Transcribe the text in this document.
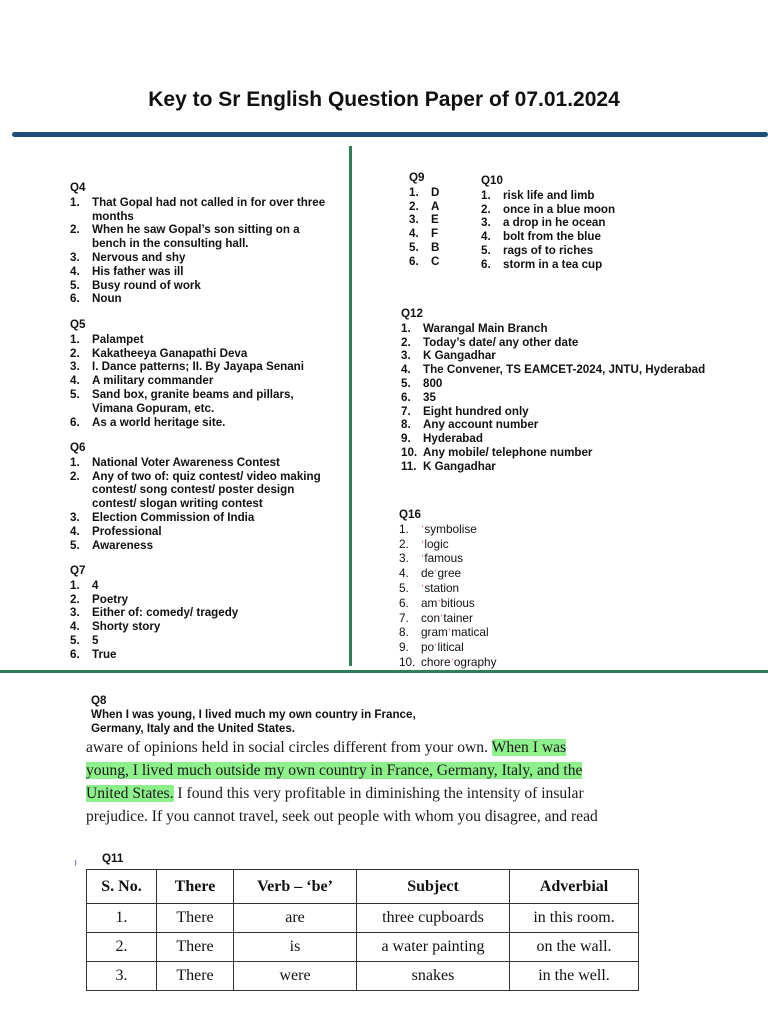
Key to Sr English Question Paper of 07.01.2024
Q4
1. That Gopal had not called in for over three months
2. When he saw Gopal’s son sitting on a bench in the consulting hall.
3. Nervous and shy
4. His father was ill
5. Busy round of work
6. Noun
Q5
1. Palampet
2. Kakatheeya Ganapathi Deva
3. I. Dance patterns; II. By Jayapa Senani
4. A military commander
5. Sand box, granite beams and pillars, Vimana Gopuram, etc.
6. As a world heritage site.
Q6
1. National Voter Awareness Contest
2. Any of two of: quiz contest/ video making contest/ song contest/ poster design contest/ slogan writing contest
3. Election Commission of India
4. Professional
5. Awareness
Q7
1. 4
2. Poetry
3. Either of: comedy/ tragedy
4. Shorty story
5. 5
6. True
Q9
1. D
2. A
3. E
4. F
5. B
6. C
Q10
1. risk life and limb
2. once in a blue moon
3. a drop in he ocean
4. bolt from the blue
5. rags of to riches
6. storm in a tea cup
Q12
1. Warangal Main Branch
2. Today’s date/ any other date
3. K Gangadhar
4. The Convener, TS EAMCET-2024, JNTU, Hyderabad
5. 800
6. 35
7. Eight hundred only
8. Any account number
9. Hyderabad
10. Any mobile/ telephone number
11. K Gangadhar
Q16
1. ˈsymbolise
2. ˈlogic
3. ˈfamous
4. deˈgree
5. ˈstation
6. amˈbitious
7. conˈtainer
8. gramˈmatical
9. poˈlitical
10. choreˈography
Q8
When I was young, I lived much my own country in France, Germany, Italy and the United States.
aware of opinions held in social circles different from your own. When I was young, I lived much outside my own country in France, Germany, Italy, and the United States. I found this very profitable in diminishing the intensity of insular prejudice. If you cannot travel, seek out people with whom you disagree, and read
⁾ Q11
S. No.	There	Verb – ‘be’	Subject	Adverbial
1.	There	are	three cupboards	in this room.
2.	There	is	a water painting	on the wall.
3.	There	were	snakes	in the well.
